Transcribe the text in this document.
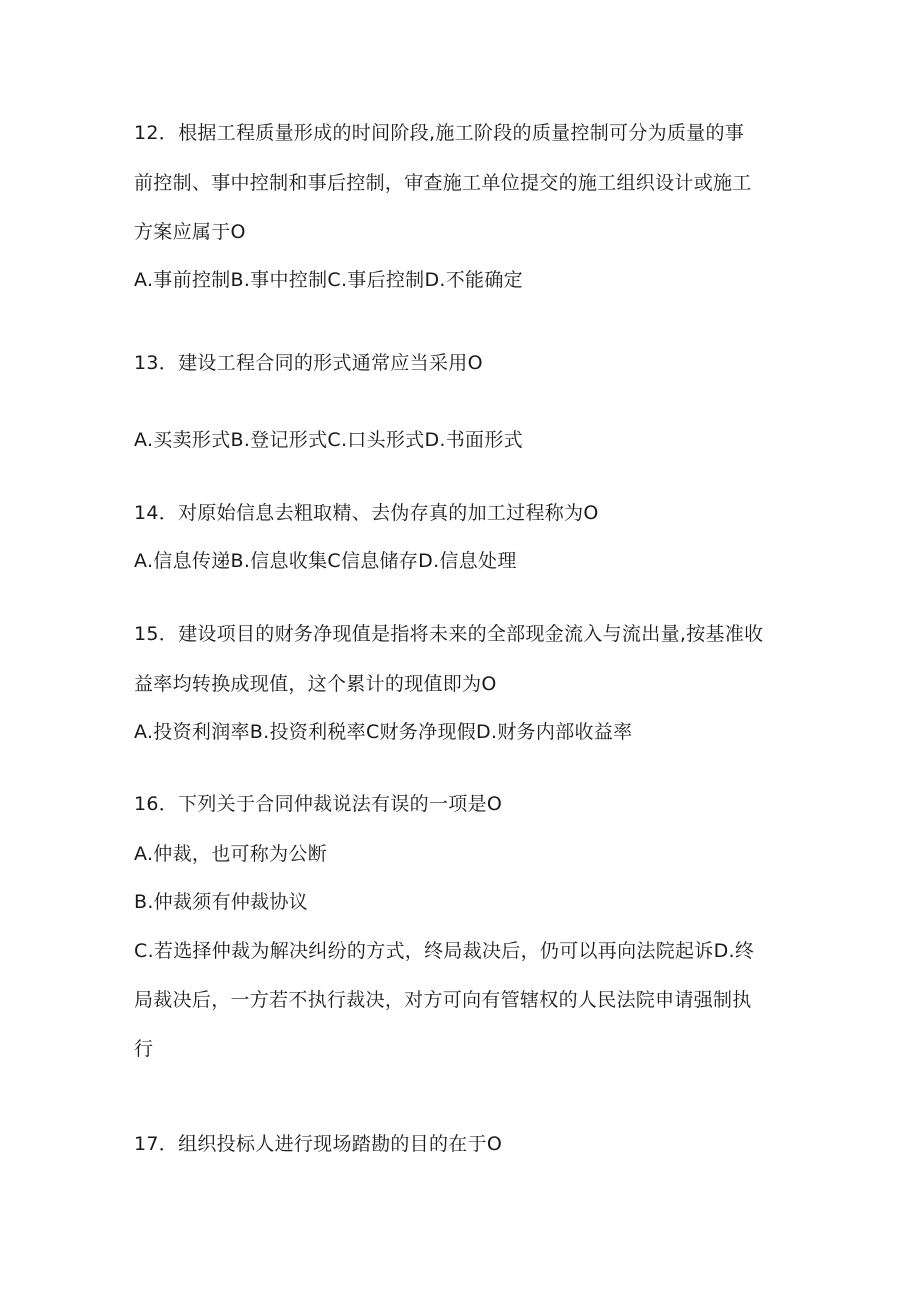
12．根据工程质量形成的时间阶段,施工阶段的质量控制可分为质量的事
前控制、事中控制和事后控制，审查施工单位提交的施工组织设计或施工
方案应属于O
A.事前控制B.事中控制C.事后控制D.不能确定
13．建设工程合同的形式通常应当采用O
A.买卖形式B.登记形式C.口头形式D.书面形式
14．对原始信息去粗取精、去伪存真的加工过程称为O
A.信息传递B.信息收集C信息储存D.信息处理
15．建设项目的财务净现值是指将未来的全部现金流入与流出量,按基准收
益率均转换成现值，这个累计的现值即为O
A.投资利润率B.投资利税率C财务净现假D.财务内部收益率
16．下列关于合同仲裁说法有误的一项是O
A.仲裁，也可称为公断
B.仲裁须有仲裁协议
C.若选择仲裁为解决纠纷的方式，终局裁决后，仍可以再向法院起诉D.终
局裁决后，一方若不执行裁决，对方可向有管辖权的人民法院申请强制执
行
17．组织投标人进行现场踏勘的目的在于O
